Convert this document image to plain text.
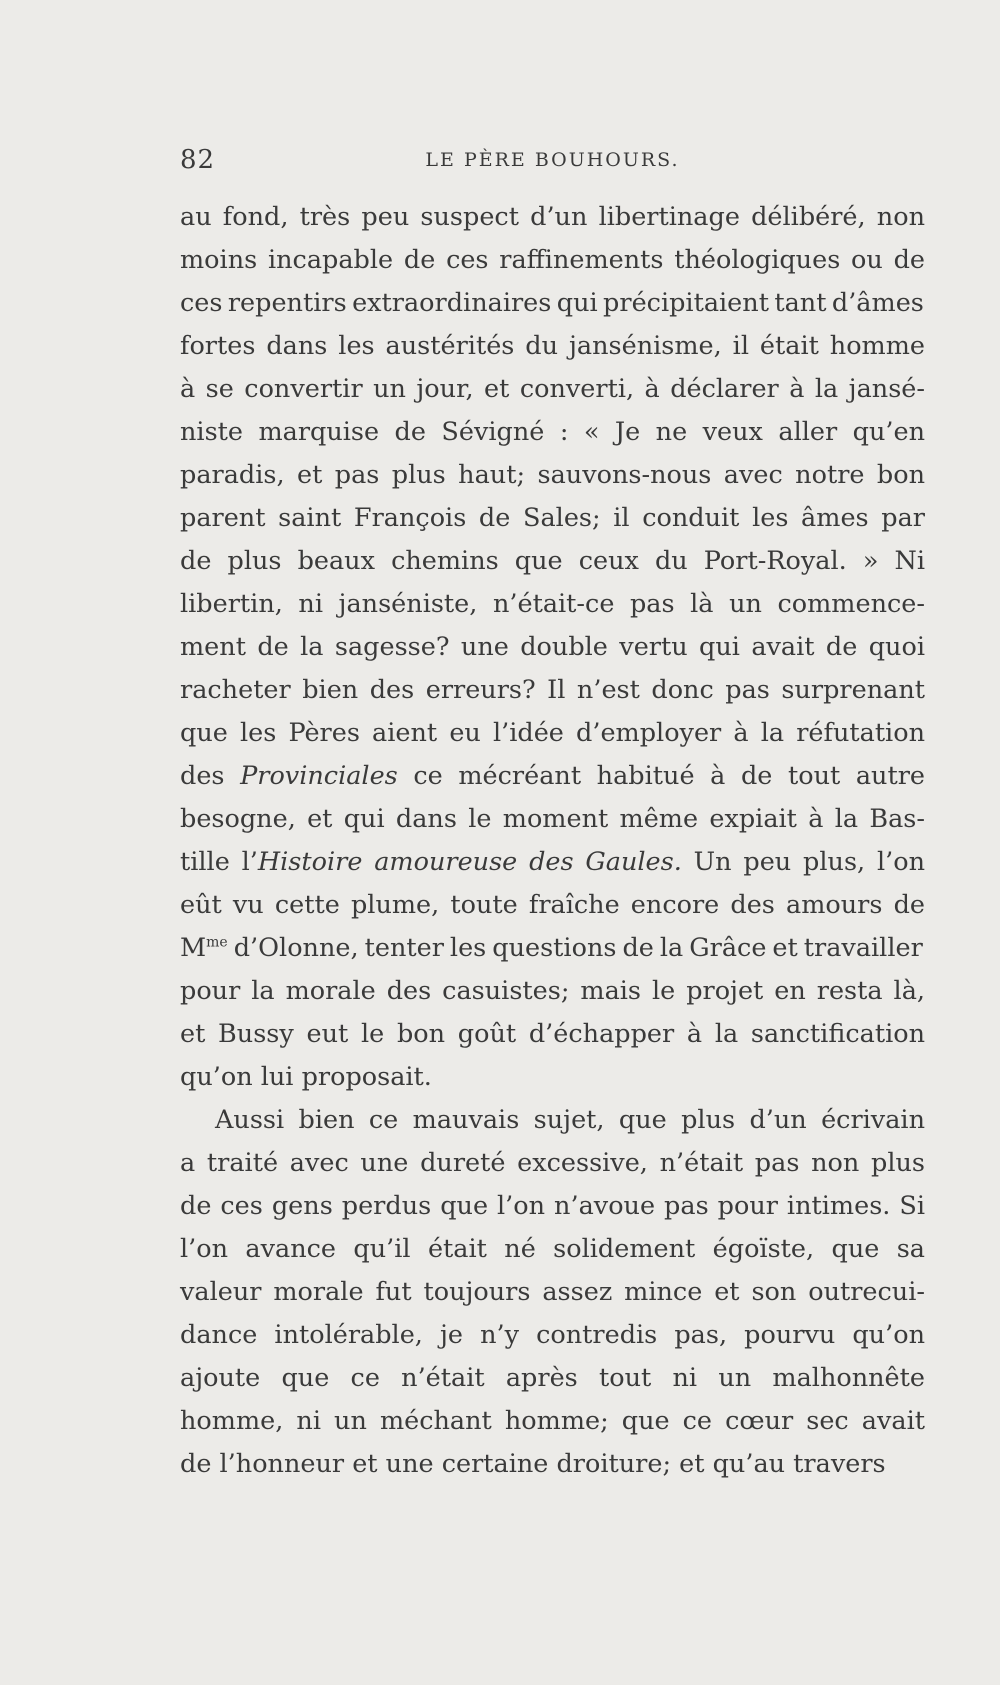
82	LE PÈRE BOUHOURS.
au fond, très peu suspect d’un libertinage délibéré, non
moins incapable de ces raffinements théologiques ou de
ces repentirs extraordinaires qui précipitaient tant d’âmes
fortes dans les austérités du jansénisme, il était homme
à se convertir un jour, et converti, à déclarer à la jansé-
niste marquise de Sévigné : « Je ne veux aller qu’en
paradis, et pas plus haut; sauvons-nous avec notre bon
parent saint François de Sales; il conduit les âmes par
de plus beaux chemins que ceux du Port-Royal. » Ni
libertin, ni janséniste, n’était-ce pas là un commence-
ment de la sagesse? une double vertu qui avait de quoi
racheter bien des erreurs? Il n’est donc pas surprenant
que les Pères aient eu l’idée d’employer à la réfutation
des Provinciales ce mécréant habitué à de tout autre
besogne, et qui dans le moment même expiait à la Bas-
tille l’Histoire amoureuse des Gaules. Un peu plus, l’on
eût vu cette plume, toute fraîche encore des amours de
$M^{me}$ d’Olonne, tenter les questions de la Grâce et travailler
pour la morale des casuistes; mais le projet en resta là,
et Bussy eut le bon goût d’échapper à la sanctification
qu’on lui proposait.
Aussi bien ce mauvais sujet, que plus d’un écrivain
a traité avec une dureté excessive, n’était pas non plus
de ces gens perdus que l’on n’avoue pas pour intimes. Si
l’on avance qu’il était né solidement égoïste, que sa
valeur morale fut toujours assez mince et son outrecui-
dance intolérable, je n’y contredis pas, pourvu qu’on
ajoute que ce n’était après tout ni un malhonnête
homme, ni un méchant homme; que ce cœur sec avait
de l’honneur et une certaine droiture; et qu’au travers
